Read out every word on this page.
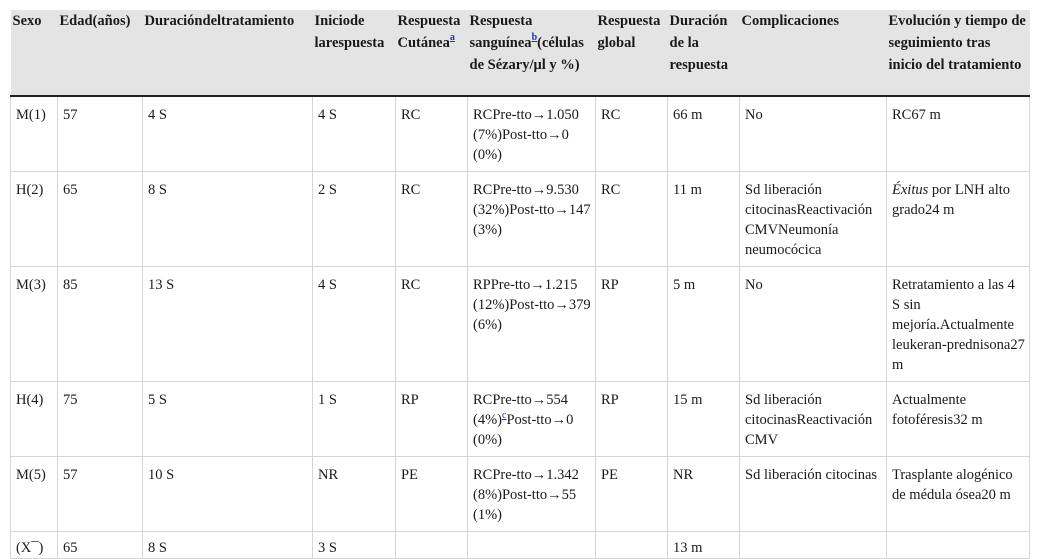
Sexo	Edad(años)	Duracióndeltratamiento	Iniciode larespuesta	Respuesta Cutánea$^a$	Respuesta sanguínea$^b$(células de Sézary/μl y %)	Respuesta global	Duración de la respuesta	Complicaciones	Evolución y tiempo de seguimiento tras inicio del tratamiento
M(1)	57	4 S	4 S	RC	RCPre-tto→1.050 (7%)Post-tto→0 (0%)	RC	66 m	No	RC67 m
H(2)	65	8 S	2 S	RC	RCPre-tto→9.530 (32%)Post-tto→147 (3%)	RC	11 m	Sd liberación citocinasReactivación CMVNeumonía neumocócica	Éxitus por LNH alto grado24 m
M(3)	85	13 S	4 S	RC	RPPre-tto→1.215 (12%)Post-tto→379 (6%)	RP	5 m	No	Retratamiento a las 4 S sin mejoría.Actualmente leukeran-prednisona27 m
H(4)	75	5 S	1 S	RP	RCPre-tto→554 $(4\%)^cPost-tto\to 0$ (0%)	RP	15 m	Sd liberación citocinasReactivación CMV	Actualmente fotoféresis32 m
M(5)	57	10 S	NR	PE	RCPre-tto→1.342 (8%)Post-tto→55 (1%)	PE	NR	Sd liberación citocinas	Trasplante alogénico de médula ósea20 m
(X¯)	65	8 S	3 S				13 m		
